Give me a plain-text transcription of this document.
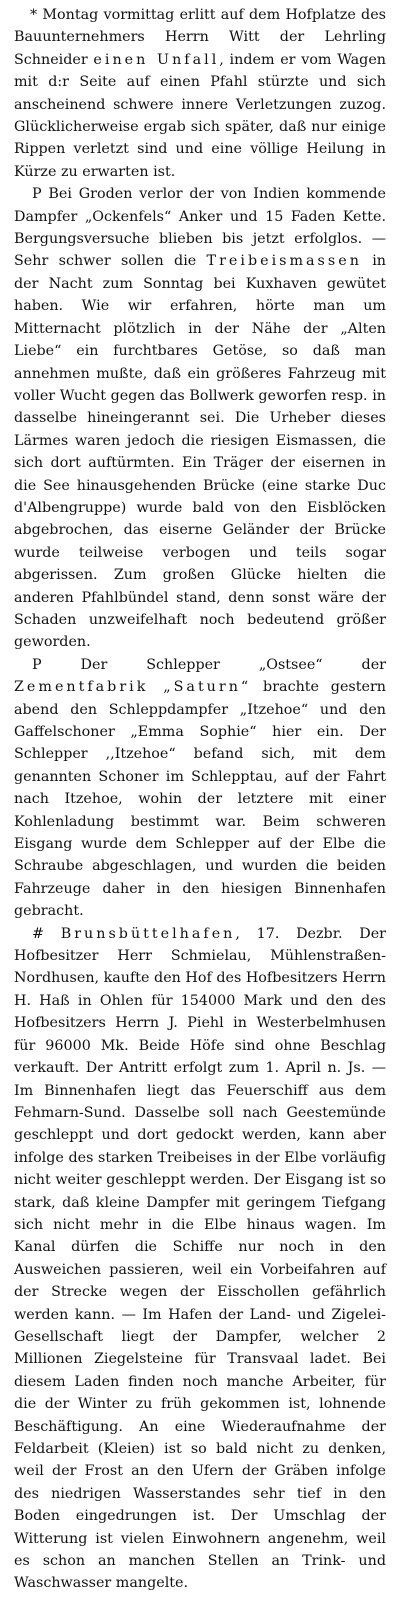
* Montag vormittag erlitt auf dem Hofplatze des Bauunternehmers Herrn Witt der Lehrling Schneider einen Unfall, indem er vom Wagen mit d:r Seite auf einen Pfahl stürzte und sich anscheinend schwere innere Verletzungen zuzog. Glücklicherweise ergab sich später, daß nur einige Rippen verletzt sind und eine völlige Heilung in Kürze zu erwarten ist.

P Bei Groden verlor der von Indien kommende Dampfer „Ockenfels“ Anker und 15 Faden Kette. Bergungsversuche blieben bis jetzt erfolglos. — Sehr schwer sollen die Treibeismassen in der Nacht zum Sonntag bei Kuxhaven gewütet haben. Wie wir erfahren, hörte man um Mitternacht plötzlich in der Nähe der „Alten Liebe“ ein furchtbares Getöse, so daß man annehmen mußte, daß ein größeres Fahrzeug mit voller Wucht gegen das Bollwerk geworfen resp. in dasselbe hineingerannt sei. Die Urheber dieses Lärmes waren jedoch die riesigen Eismassen, die sich dort auftürmten. Ein Träger der eisernen in die See hinausgehenden Brücke (eine starke Duc d'Albengruppe) wurde bald von den Eisblöcken abgebrochen, das eiserne Geländer der Brücke wurde teilweise verbogen und teils sogar abgerissen. Zum großen Glücke hielten die anderen Pfahlbündel stand, denn sonst wäre der Schaden unzweifelhaft noch bedeutend größer geworden.

P Der Schlepper „Ostsee“ der Zementfabrik „Saturn“ brachte gestern abend den Schleppdampfer „Itzehoe“ und den Gaffelschoner „Emma Sophie“ hier ein. Der Schlepper ,,Itzehoe“ befand sich, mit dem genannten Schoner im Schlepptau, auf der Fahrt nach Itzehoe, wohin der letztere mit einer Kohlenladung bestimmt war. Beim schweren Eisgang wurde dem Schlepper auf der Elbe die Schraube abgeschlagen, und wurden die beiden Fahrzeuge daher in den hiesigen Binnenhafen gebracht.

# Brunsbüttelhafen, 17. Dezbr. Der Hofbesitzer Herr Schmielau, Mühlenstraßen-Nordhusen, kaufte den Hof des Hofbesitzers Herrn H. Haß in Ohlen für 154000 Mark und den des Hofbesitzers Herrn J. Piehl in Westerbelmhusen für 96000 Mk. Beide Höfe sind ohne Beschlag verkauft. Der Antritt erfolgt zum 1. April n. Js. — Im Binnenhafen liegt das Feuerschiff aus dem Fehmarn-Sund. Dasselbe soll nach Geestemünde geschleppt und dort gedockt werden, kann aber infolge des starken Treibeises in der Elbe vorläufig nicht weiter geschleppt werden. Der Eisgang ist so stark, daß kleine Dampfer mit geringem Tiefgang sich nicht mehr in die Elbe hinaus wagen. Im Kanal dürfen die Schiffe nur noch in den Ausweichen passieren, weil ein Vorbeifahren auf der Strecke wegen der Eisschollen gefährlich werden kann. — Im Hafen der Land- und Zigelei-Gesellschaft liegt der Dampfer, welcher 2 Millionen Ziegelsteine für Transvaal ladet. Bei diesem Laden finden noch manche Arbeiter, für die der Winter zu früh gekommen ist, lohnende Beschäftigung. An eine Wiederaufnahme der Feldarbeit (Kleien) ist so bald nicht zu denken, weil der Frost an den Ufern der Gräben infolge des niedrigen Wasserstandes sehr tief in den Boden eingedrungen ist. Der Umschlag der Witterung ist vielen Einwohnern angenehm, weil es schon an manchen Stellen an Trink- und Waschwasser mangelte.
